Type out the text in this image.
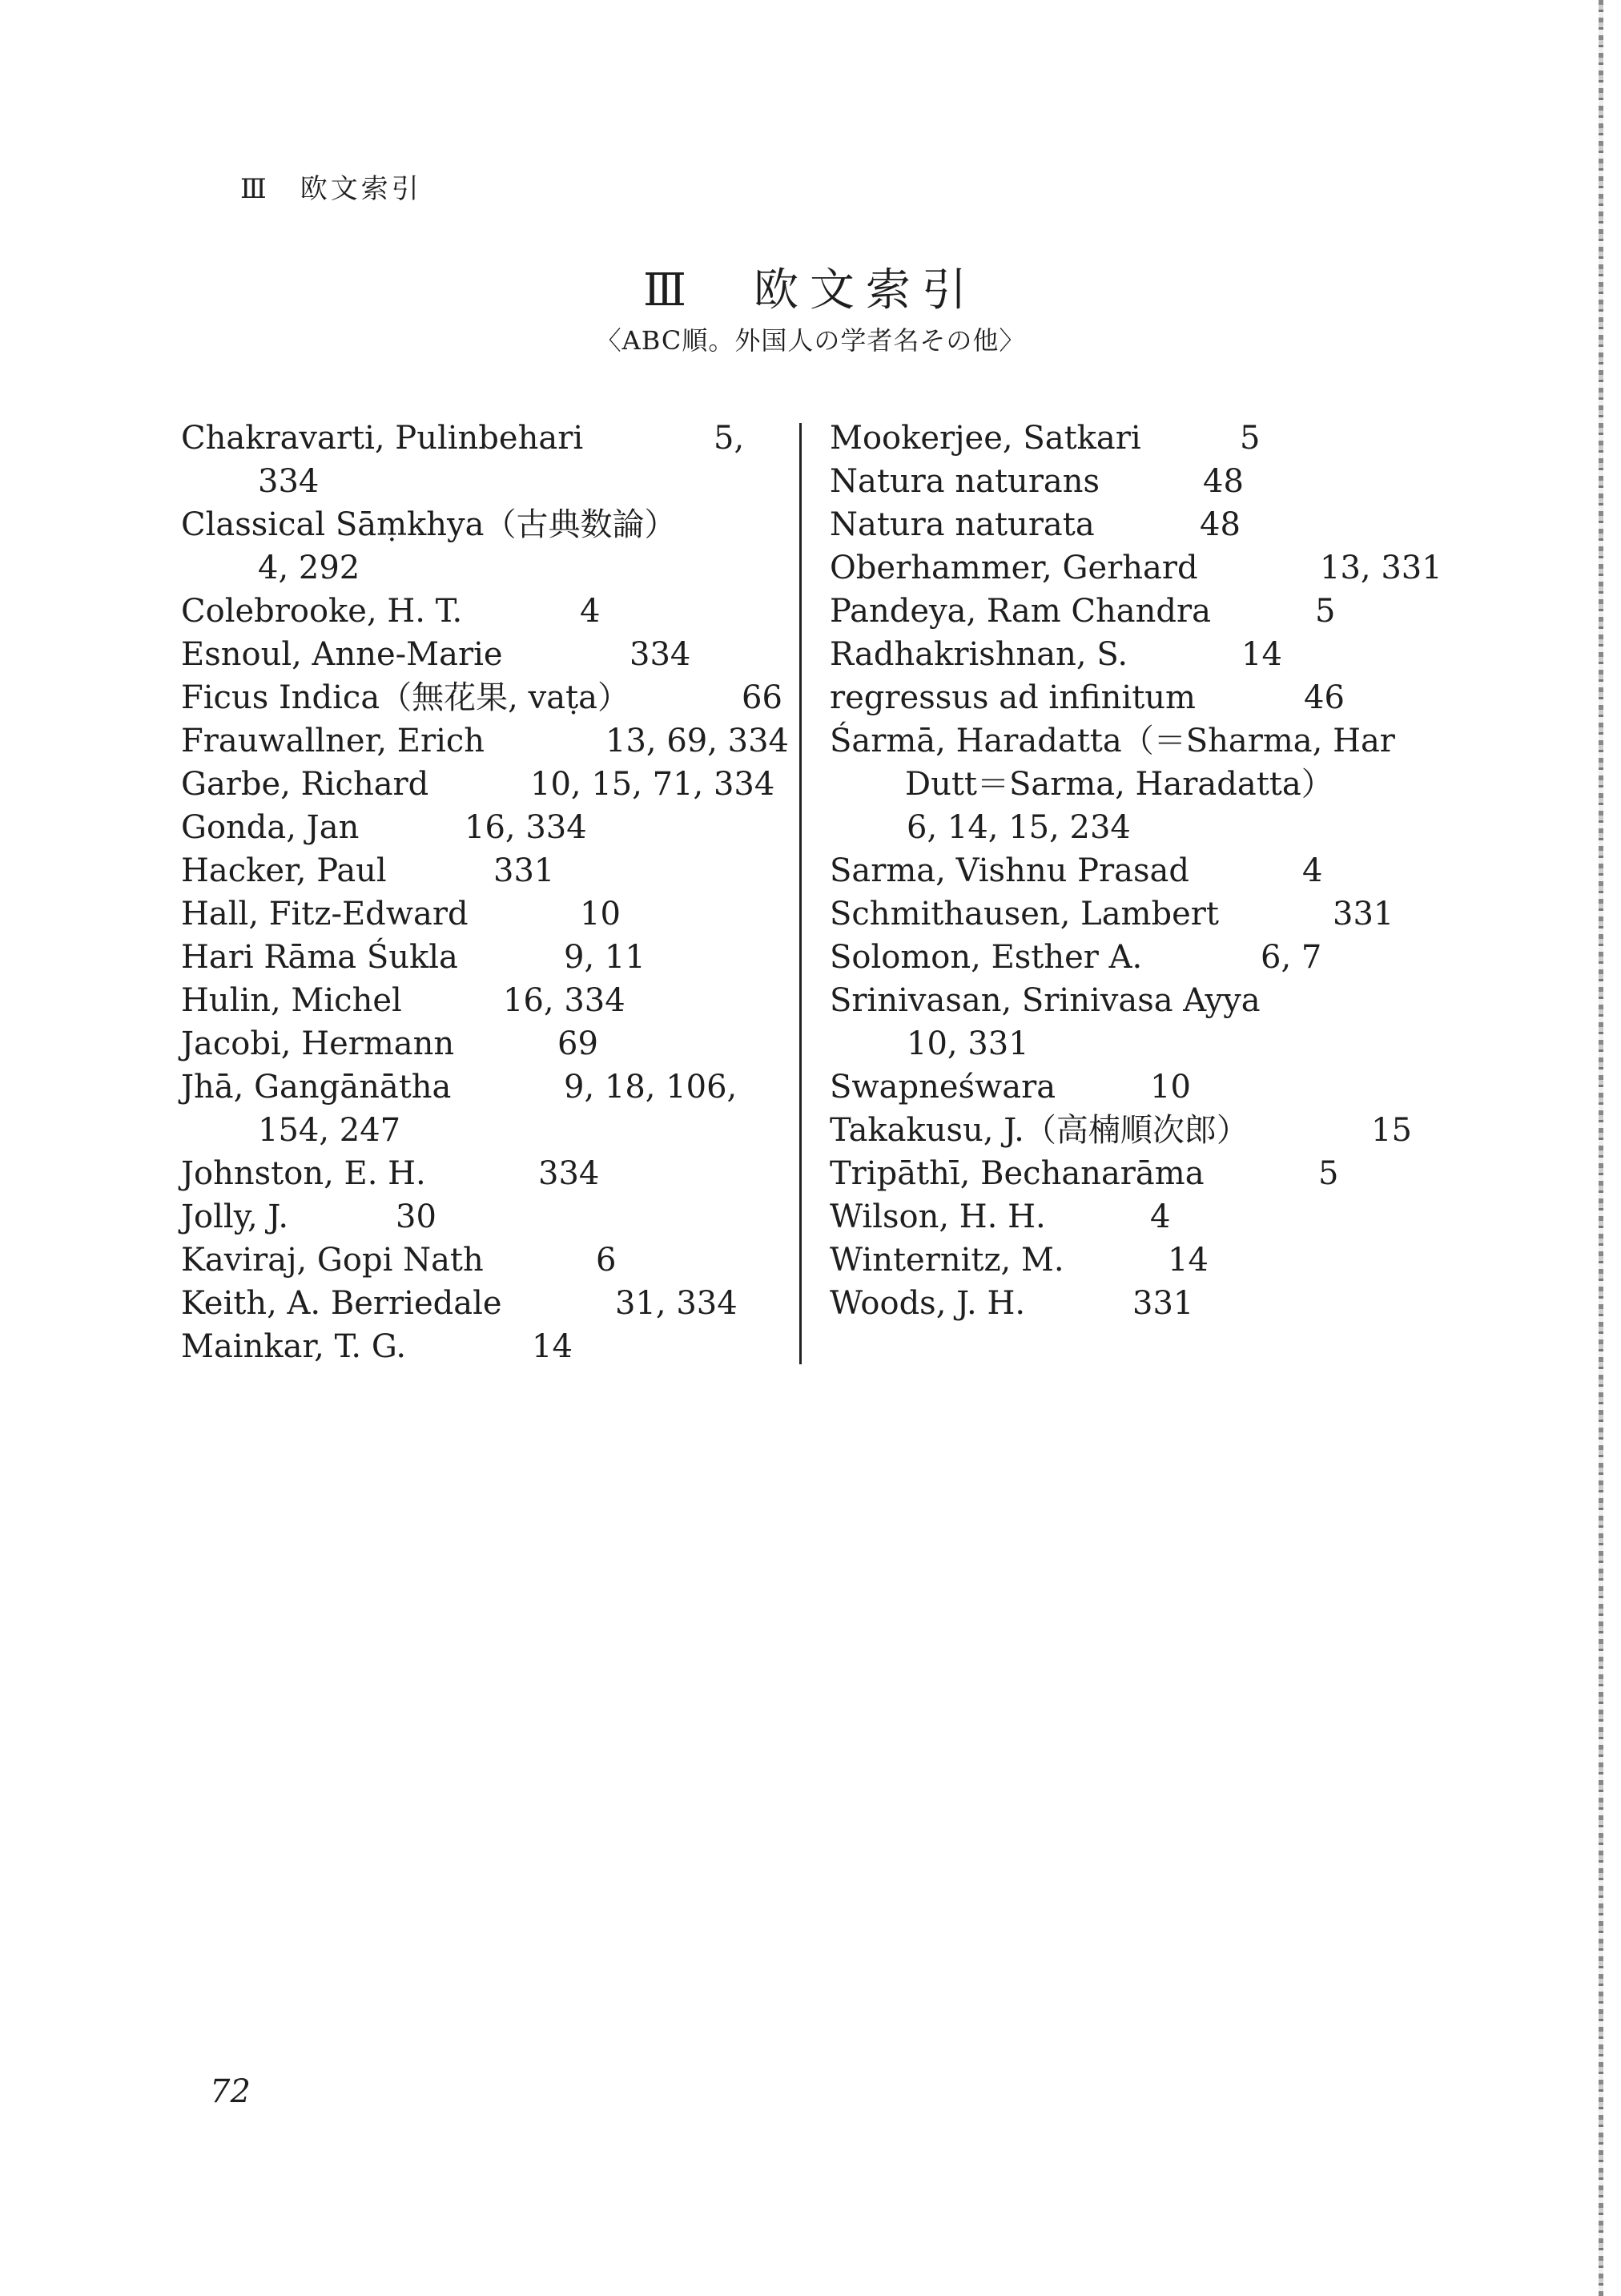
Ⅲ　欧文索引
Ⅲ　欧文索引
〈ABC順。外国人の学者名その他〉
Chakravarti, Pulinbehari	5,
334
Classical Sāṃkhya（古典数論）
4, 292
Colebrooke, H. T.	4
Esnoul, Anne-Marie	334
Ficus Indica（無花果, vaṭa）	66
Frauwallner, Erich	13, 69, 334
Garbe, Richard	10, 15, 71, 334
Gonda, Jan	16, 334
Hacker, Paul	331
Hall, Fitz-Edward	10
Hari Rāma Śukla	9, 11
Hulin, Michel	16, 334
Jacobi, Hermann	69
Jhā, Gangānātha	9, 18, 106,
154, 247
Johnston, E. H.	334
Jolly, J.	30
Kaviraj, Gopi Nath	6
Keith, A. Berriedale	31, 334
Mainkar, T. G.	14
Mookerjee, Satkari	5
Natura naturans	48
Natura naturata	48
Oberhammer, Gerhard	13, 331
Pandeya, Ram Chandra	5
Radhakrishnan, S.	14
regressus ad infinitum	46
Śarmā, Haradatta（＝Sharma, Har
Dutt＝Sarma, Haradatta）
6, 14, 15, 234
Sarma, Vishnu Prasad	4
Schmithausen, Lambert	331
Solomon, Esther A.	6, 7
Srinivasan, Srinivasa Ayya
10, 331
Swapneśwara	10
Takakusu, J.（高楠順次郎）	15
Tripāthī, Bechanarāma	5
Wilson, H. H.	4
Winternitz, M.	14
Woods, J. H.	331
72
